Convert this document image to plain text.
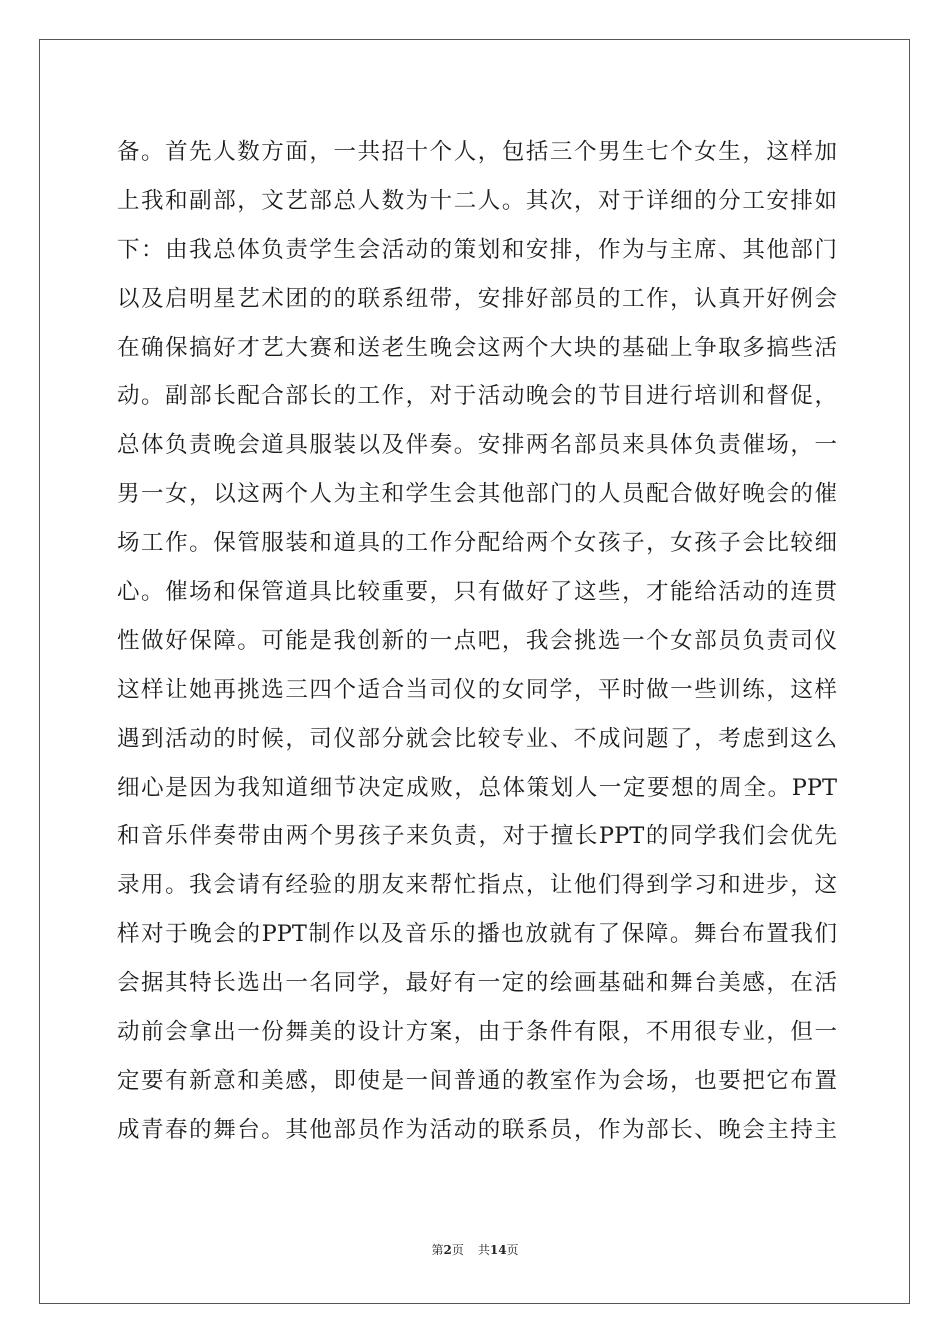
备。首先人数方面，一共招十个人，包括三个男生七个女生，这样加
上我和副部，文艺部总人数为十二人。其次，对于详细的分工安排如
下：由我总体负责学生会活动的策划和安排，作为与主席、其他部门
以及启明星艺术团的的联系纽带，安排好部员的工作，认真开好例会
在确保搞好才艺大赛和送老生晚会这两个大块的基础上争取多搞些活
动。副部长配合部长的工作，对于活动晚会的节目进行培训和督促，
总体负责晚会道具服装以及伴奏。安排两名部员来具体负责催场，一
男一女，以这两个人为主和学生会其他部门的人员配合做好晚会的催
场工作。保管服装和道具的工作分配给两个女孩子，女孩子会比较细
心。催场和保管道具比较重要，只有做好了这些，才能给活动的连贯
性做好保障。可能是我创新的一点吧，我会挑选一个女部员负责司仪
这样让她再挑选三四个适合当司仪的女同学，平时做一些训练，这样
遇到活动的时候，司仪部分就会比较专业、不成问题了，考虑到这么
细心是因为我知道细节决定成败，总体策划人一定要想的周全。PPT
和音乐伴奏带由两个男孩子来负责，对于擅长PPT的同学我们会优先
录用。我会请有经验的朋友来帮忙指点，让他们得到学习和进步，这
样对于晚会的PPT制作以及音乐的播也放就有了保障。舞台布置我们
会据其特长选出一名同学，最好有一定的绘画基础和舞台美感，在活
动前会拿出一份舞美的设计方案，由于条件有限，不用很专业，但一
定要有新意和美感，即使是一间普通的教室作为会场，也要把它布置
成青春的舞台。其他部员作为活动的联系员，作为部长、晚会主持主
第2页 共14页
